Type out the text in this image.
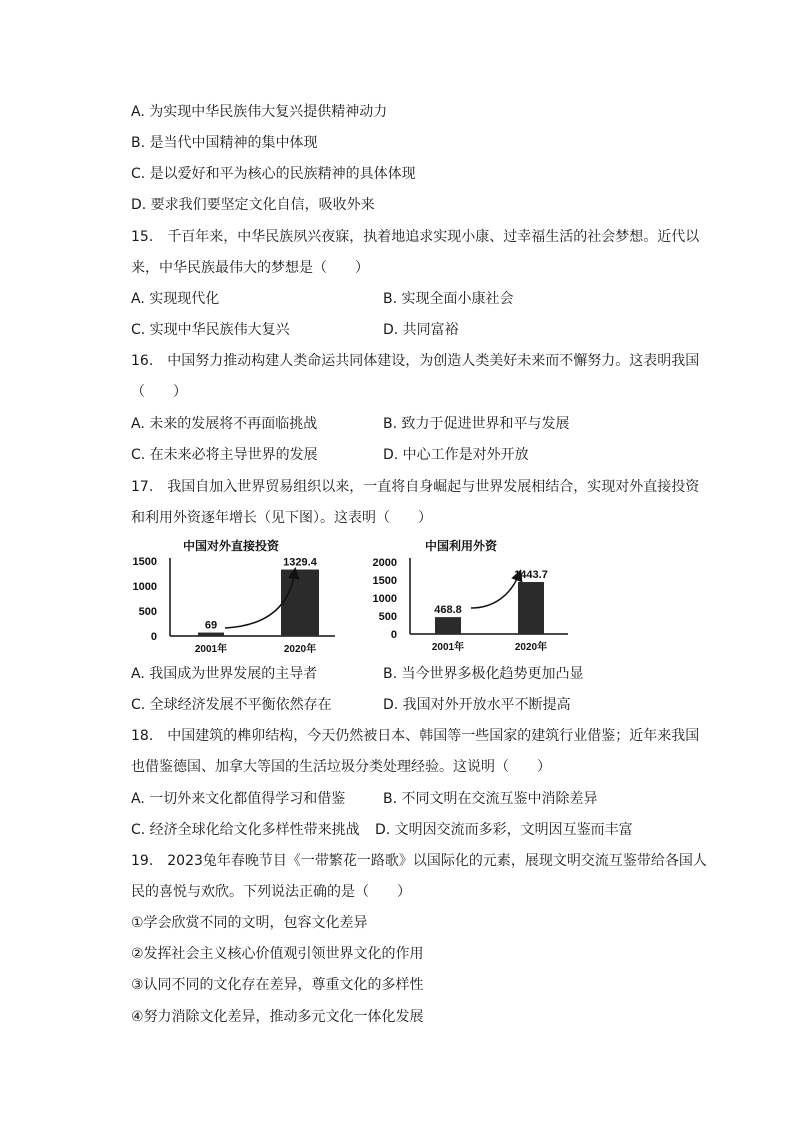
A. 为实现中华民族伟大复兴提供精神动力
B. 是当代中国精神的集中体现
C. 是以爱好和平为核心的民族精神的具体体现
D. 要求我们要坚定文化自信，吸收外来
15.　千百年来，中华民族夙兴夜寐，执着地追求实现小康、过幸福生活的社会梦想。近代以
来，中华民族最伟大的梦想是（　　）
A. 实现现代化	B. 实现全面小康社会
C. 实现中华民族伟大复兴	D. 共同富裕
16.　中国努力推动构建人类命运共同体建设，为创造人类美好未来而不懈努力。这表明我国
（　　）
A. 未来的发展将不再面临挑战	B. 致力于促进世界和平与发展
C. 在未来必将主导世界的发展	D. 中心工作是对外开放
17.　我国自加入世界贸易组织以来，一直将自身崛起与世界发展相结合，实现对外直接投资
和利用外资逐年增长（见下图）。这表明（　　）
中国对外直接投资
0
500
1000
1500
69
1329.4
2001年	2020年
中国利用外资
0
500
1000
1500
2000
468.8
1443.7
2001年	2020年
A. 我国成为世界发展的主导者	B. 当今世界多极化趋势更加凸显
C. 全球经济发展不平衡依然存在	D. 我国对外开放水平不断提高
18.　中国建筑的榫卯结构，今天仍然被日本、韩国等一些国家的建筑行业借鉴；近年来我国
也借鉴德国、加拿大等国的生活垃圾分类处理经验。这说明（　　）
A. 一切外来文化都值得学习和借鉴	B. 不同文明在交流互鉴中消除差异
C. 经济全球化给文化多样性带来挑战 D. 文明因交流而多彩，文明因互鉴而丰富
19.　2023兔年春晚节目《一带繁花一路歌》以国际化的元素，展现文明交流互鉴带给各国人
民的喜悦与欢欣。下列说法正确的是（　　）
①学会欣赏不同的文明，包容文化差异
②发挥社会主义核心价值观引领世界文化的作用
③认同不同的文化存在差异，尊重文化的多样性
④努力消除文化差异，推动多元文化一体化发展
